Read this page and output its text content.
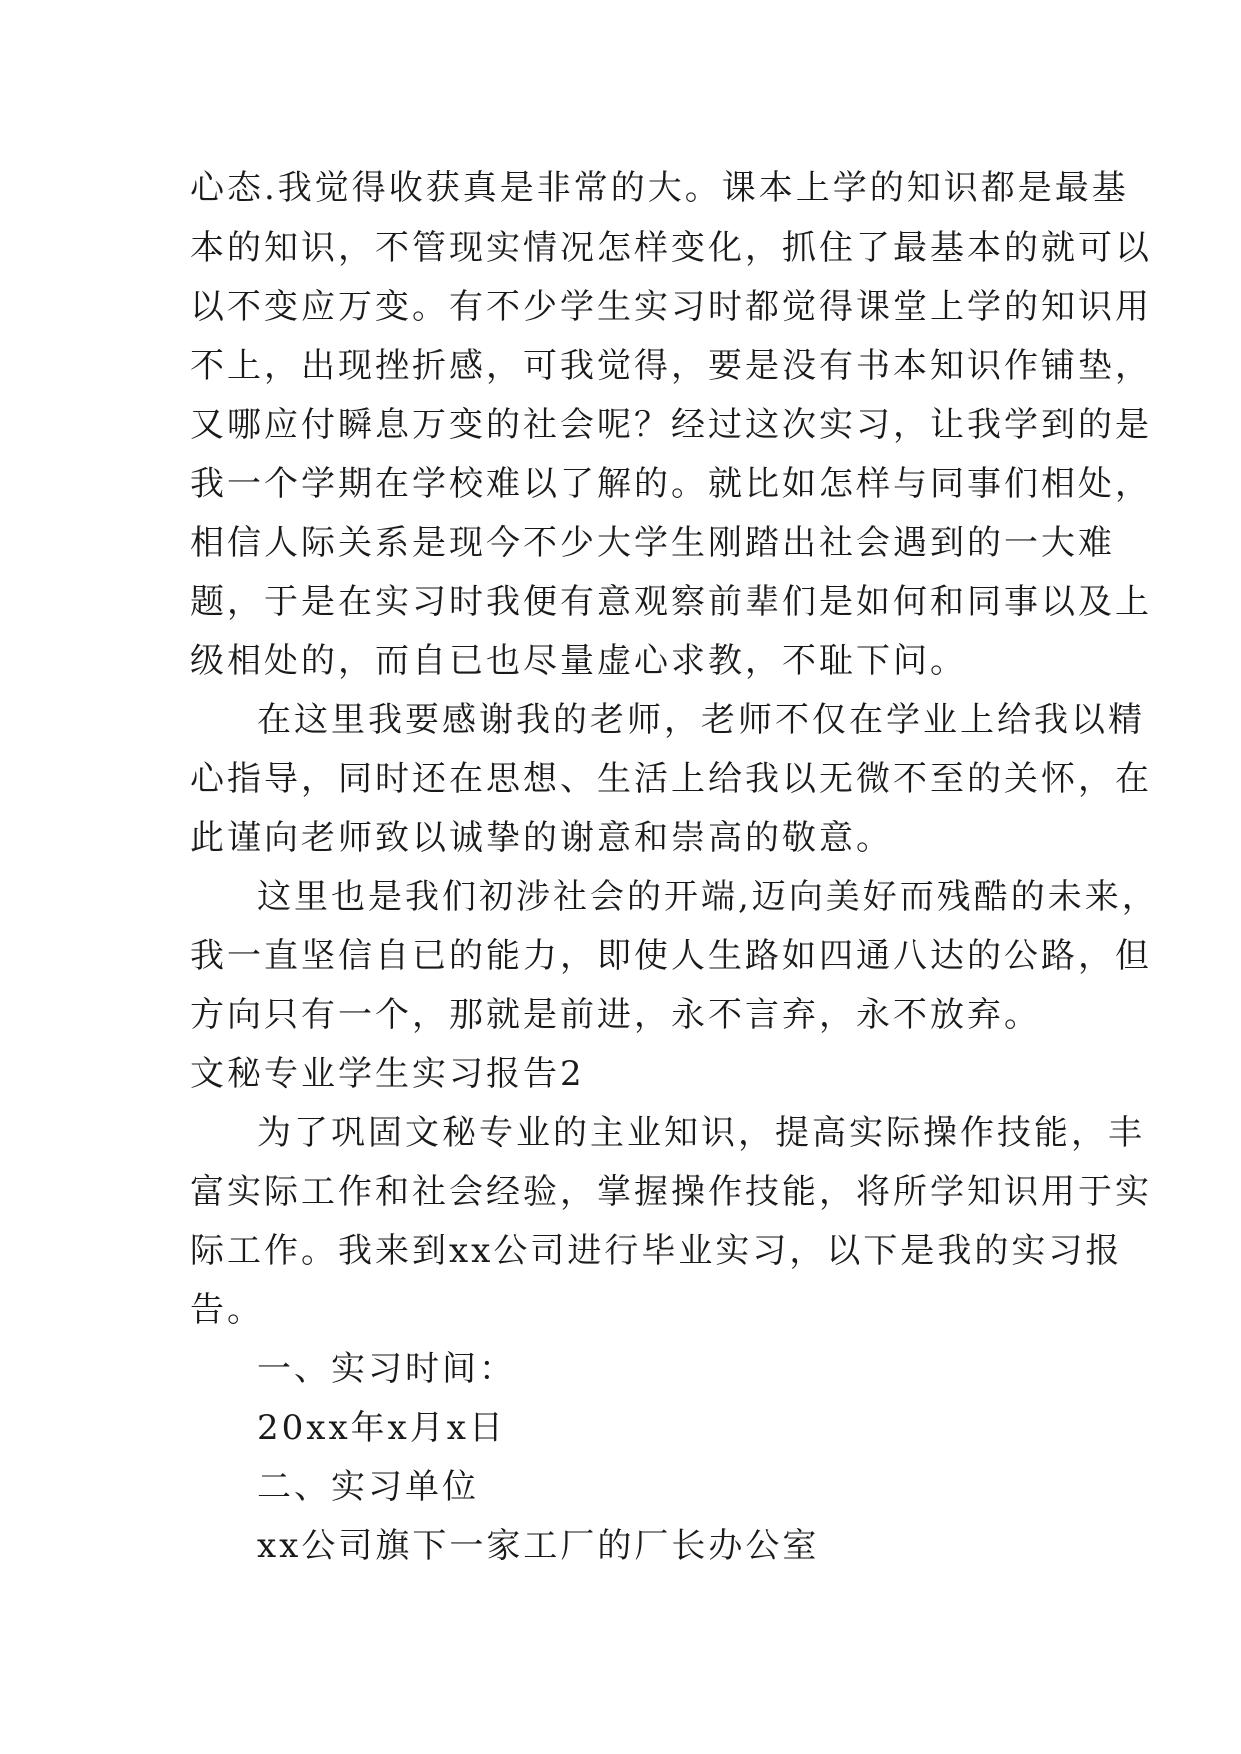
心态.我觉得收获真是非常的大。课本上学的知识都是最基
本的知识，不管现实情况怎样变化，抓住了最基本的就可以
以不变应万变。有不少学生实习时都觉得课堂上学的知识用
不上，出现挫折感，可我觉得，要是没有书本知识作铺垫，
又哪应付瞬息万变的社会呢？经过这次实习，让我学到的是
我一个学期在学校难以了解的。就比如怎样与同事们相处，
相信人际关系是现今不少大学生刚踏出社会遇到的一大难
题，于是在实习时我便有意观察前辈们是如何和同事以及上
级相处的，而自已也尽量虚心求教，不耻下问。
在这里我要感谢我的老师，老师不仅在学业上给我以精
心指导，同时还在思想、生活上给我以无微不至的关怀，在
此谨向老师致以诚挚的谢意和崇高的敬意。
这里也是我们初涉社会的开端,迈向美好而残酷的未来，
我一直坚信自已的能力，即使人生路如四通八达的公路，但
方向只有一个，那就是前进，永不言弃，永不放弃。
文秘专业学生实习报告2
为了巩固文秘专业的主业知识，提高实际操作技能，丰
富实际工作和社会经验，掌握操作技能，将所学知识用于实
际工作。我来到xx公司进行毕业实习，以下是我的实习报
告。
一、实习时间：
20xx年x月x日
二、实习单位
xx公司旗下一家工厂的厂长办公室
